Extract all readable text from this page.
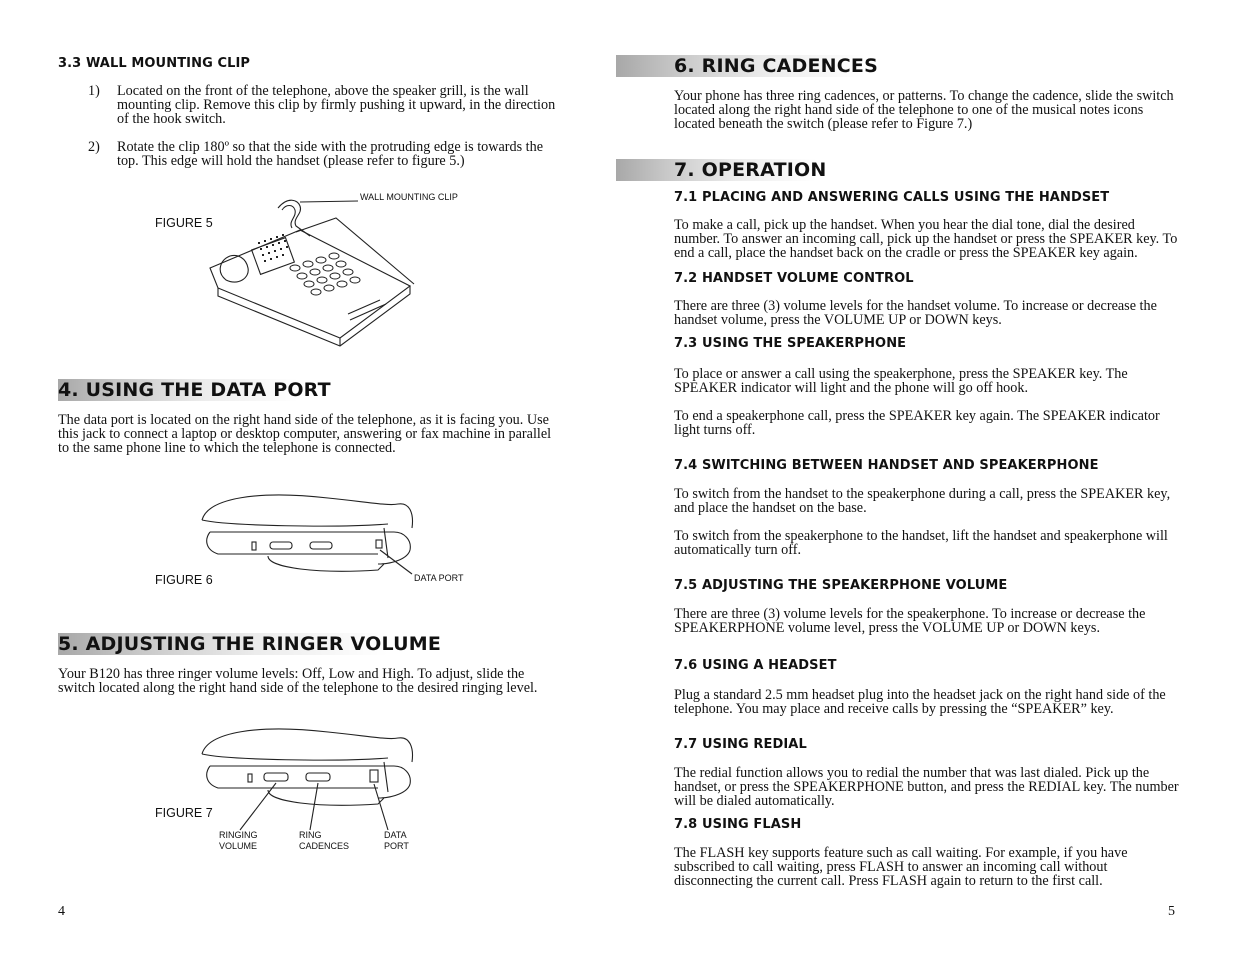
3.3 WALL MOUNTING CLIP
1) Located on the front of the telephone, above the speaker grill, is the wall mounting clip. Remove this clip by firmly pushing it upward, in the direction of the hook switch.
2) Rotate the clip 180º so that the side with the protruding edge is towards the top. This edge will hold the handset (please refer to figure 5.)
FIGURE 5
WALL MOUNTING CLIP
4. USING THE DATA PORT
The data port is located on the right hand side of the telephone, as it is facing you. Use this jack to connect a laptop or desktop computer, answering or fax machine in parallel to the same phone line to which the telephone is connected.
FIGURE 6	DATA PORT
5. ADJUSTING THE RINGER VOLUME
Your B120 has three ringer volume levels: Off, Low and High. To adjust, slide the switch located along the right hand side of the telephone to the desired ringing level.
FIGURE 7
RINGING
VOLUME
RING
CADENCES
DATA
PORT
4
6. RING CADENCES
Your phone has three ring cadences, or patterns. To change the cadence, slide the switch located along the right hand side of the telephone to one of the musical notes icons located beneath the switch (please refer to Figure 7.)
7. OPERATION
7.1 PLACING AND ANSWERING CALLS USING THE HANDSET
To make a call, pick up the handset. When you hear the dial tone, dial the desired number. To answer an incoming call, pick up the handset or press the SPEAKER key. To end a call, place the handset back on the cradle or press the SPEAKER key again.
7.2 HANDSET VOLUME CONTROL
There are three (3) volume levels for the handset volume. To increase or decrease the handset volume, press the VOLUME UP or DOWN keys.
7.3 USING THE SPEAKERPHONE
To place or answer a call using the speakerphone, press the SPEAKER key. The SPEAKER indicator will light and the phone will go off hook.
To end a speakerphone call, press the SPEAKER key again. The SPEAKER indicator light turns off.
7.4 SWITCHING BETWEEN HANDSET AND SPEAKERPHONE
To switch from the handset to the speakerphone during a call, press the SPEAKER key, and place the handset on the base.
To switch from the speakerphone to the handset, lift the handset and speakerphone will automatically turn off.
7.5 ADJUSTING THE SPEAKERPHONE VOLUME
There are three (3) volume levels for the speakerphone. To increase or decrease the SPEAKERPHONE volume level, press the VOLUME UP or DOWN keys.
7.6 USING A HEADSET
Plug a standard 2.5 mm headset plug into the headset jack on the right hand side of the telephone. You may place and receive calls by pressing the “SPEAKER” key.
7.7 USING REDIAL
The redial function allows you to redial the number that was last dialed. Pick up the handset, or press the SPEAKERPHONE button, and press the REDIAL key. The number will be dialed automatically.
7.8 USING FLASH
The FLASH key supports feature such as call waiting. For example, if you have subscribed to call waiting, press FLASH to answer an incoming call without disconnecting the current call. Press FLASH again to return to the first call.
5
